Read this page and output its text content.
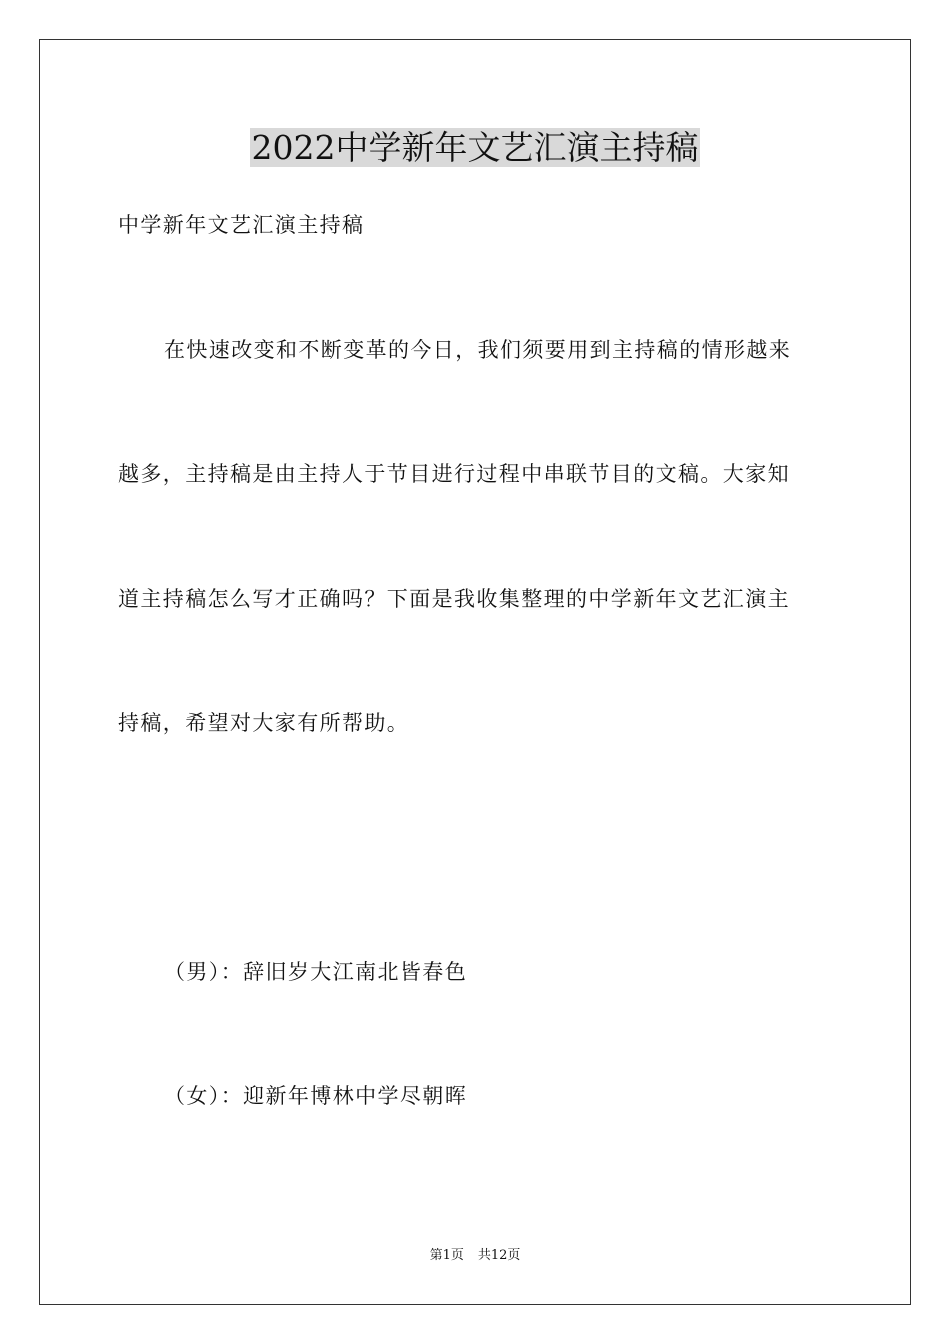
2022中学新年文艺汇演主持稿
中学新年文艺汇演主持稿
在快速改变和不断变革的今日，我们须要用到主持稿的情形越来
越多，主持稿是由主持人于节目进行过程中串联节目的文稿。大家知
道主持稿怎么写才正确吗？下面是我收集整理的中学新年文艺汇演主
持稿，希望对大家有所帮助。
（男）：辞旧岁大江南北皆春色
（女）：迎新年博林中学尽朝晖
第1页 共12页
